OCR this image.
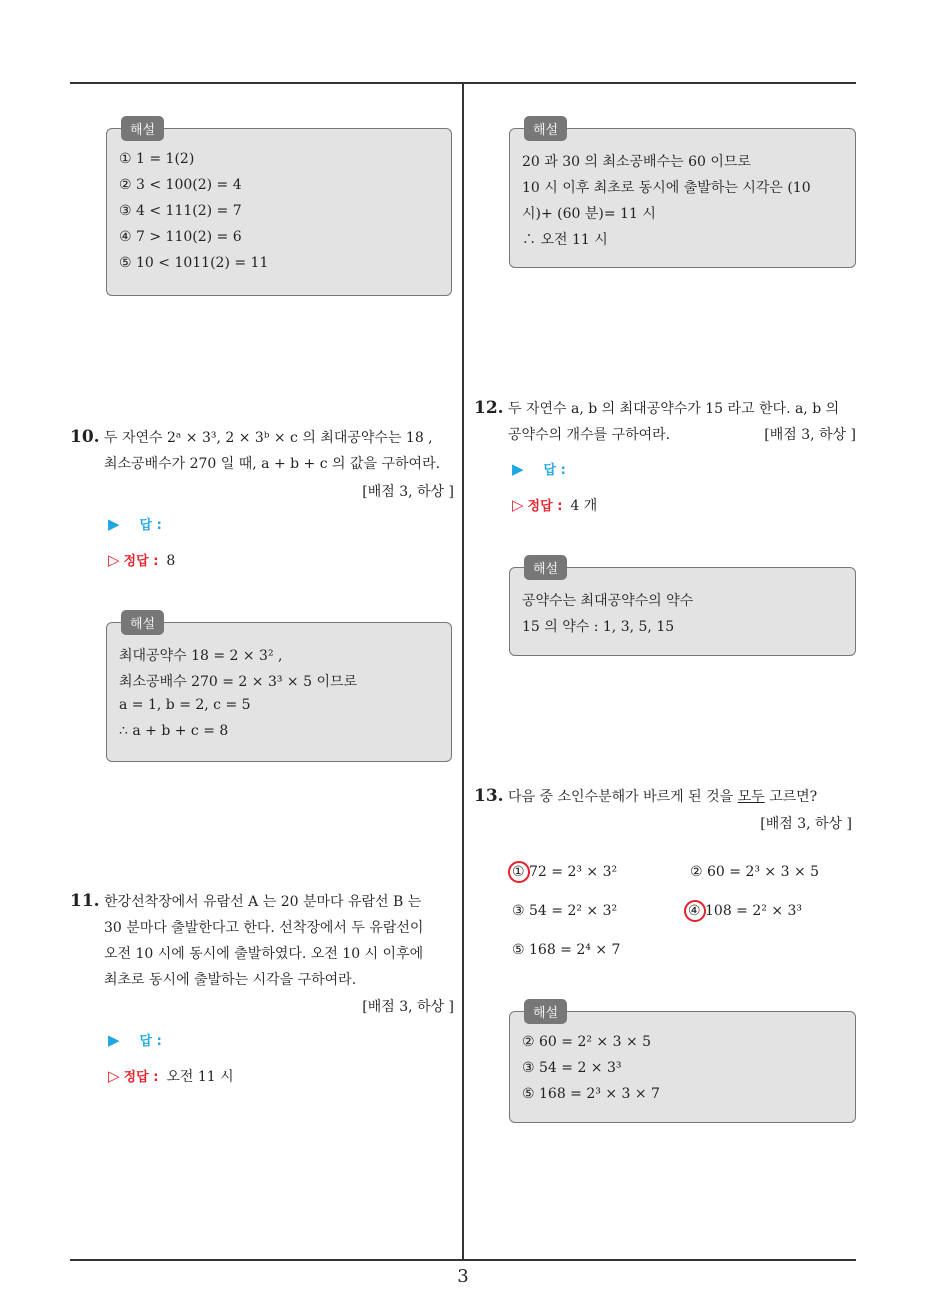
3
해설
① 1 = 1(2)
② 3 < 100(2) = 4
③ 4 < 111(2) = 7
④ 7 > 110(2) = 6
⑤ 10 < 1011(2) = 11
10. 두 자연수 2ᵃ × 3³, 2 × 3ᵇ × c 의 최대공약수는 18 ,
최소공배수가 270 일 때, a + b + c 의 값을 구하여라.
[배점 3, 하상 ]
▶ 답 :
▷ 정답 : 8
해설
최대공약수 18 = 2 × 3² ,
최소공배수 270 = 2 × 3³ × 5 이므로
a = 1, b = 2, c = 5
∴ a + b + c = 8
11. 한강선착장에서 유람선 A 는 20 분마다 유람선 B 는
30 분마다 출발한다고 한다. 선착장에서 두 유람선이
오전 10 시에 동시에 출발하였다. 오전 10 시 이후에
최초로 동시에 출발하는 시각을 구하여라.
[배점 3, 하상 ]
▶ 답 :
▷ 정답 : 오전 11 시
해설
20 과 30 의 최소공배수는 60 이므로
10 시 이후 최초로 동시에 출발하는 시각은 (10
시)+ (60 분)= 11 시
∴ 오전 11 시
12. 두 자연수 a, b 의 최대공약수가 15 라고 한다. a, b 의
공약수의 개수를 구하여라.	[배점 3, 하상 ]
▶ 답 :
▷ 정답 : 4 개
해설
공약수는 최대공약수의 약수
15 의 약수 : 1, 3, 5, 15
13. 다음 중 소인수분해가 바르게 된 것을 모두 고르면?
[배점 3, 하상 ]
① 72 = 2³ × 3²	② 60 = 2³ × 3 × 5
③ 54 = 2² × 3²	④ 108 = 2² × 3³
⑤ 168 = 2⁴ × 7
해설
② 60 = 2² × 3 × 5
③ 54 = 2 × 3³
⑤ 168 = 2³ × 3 × 7
